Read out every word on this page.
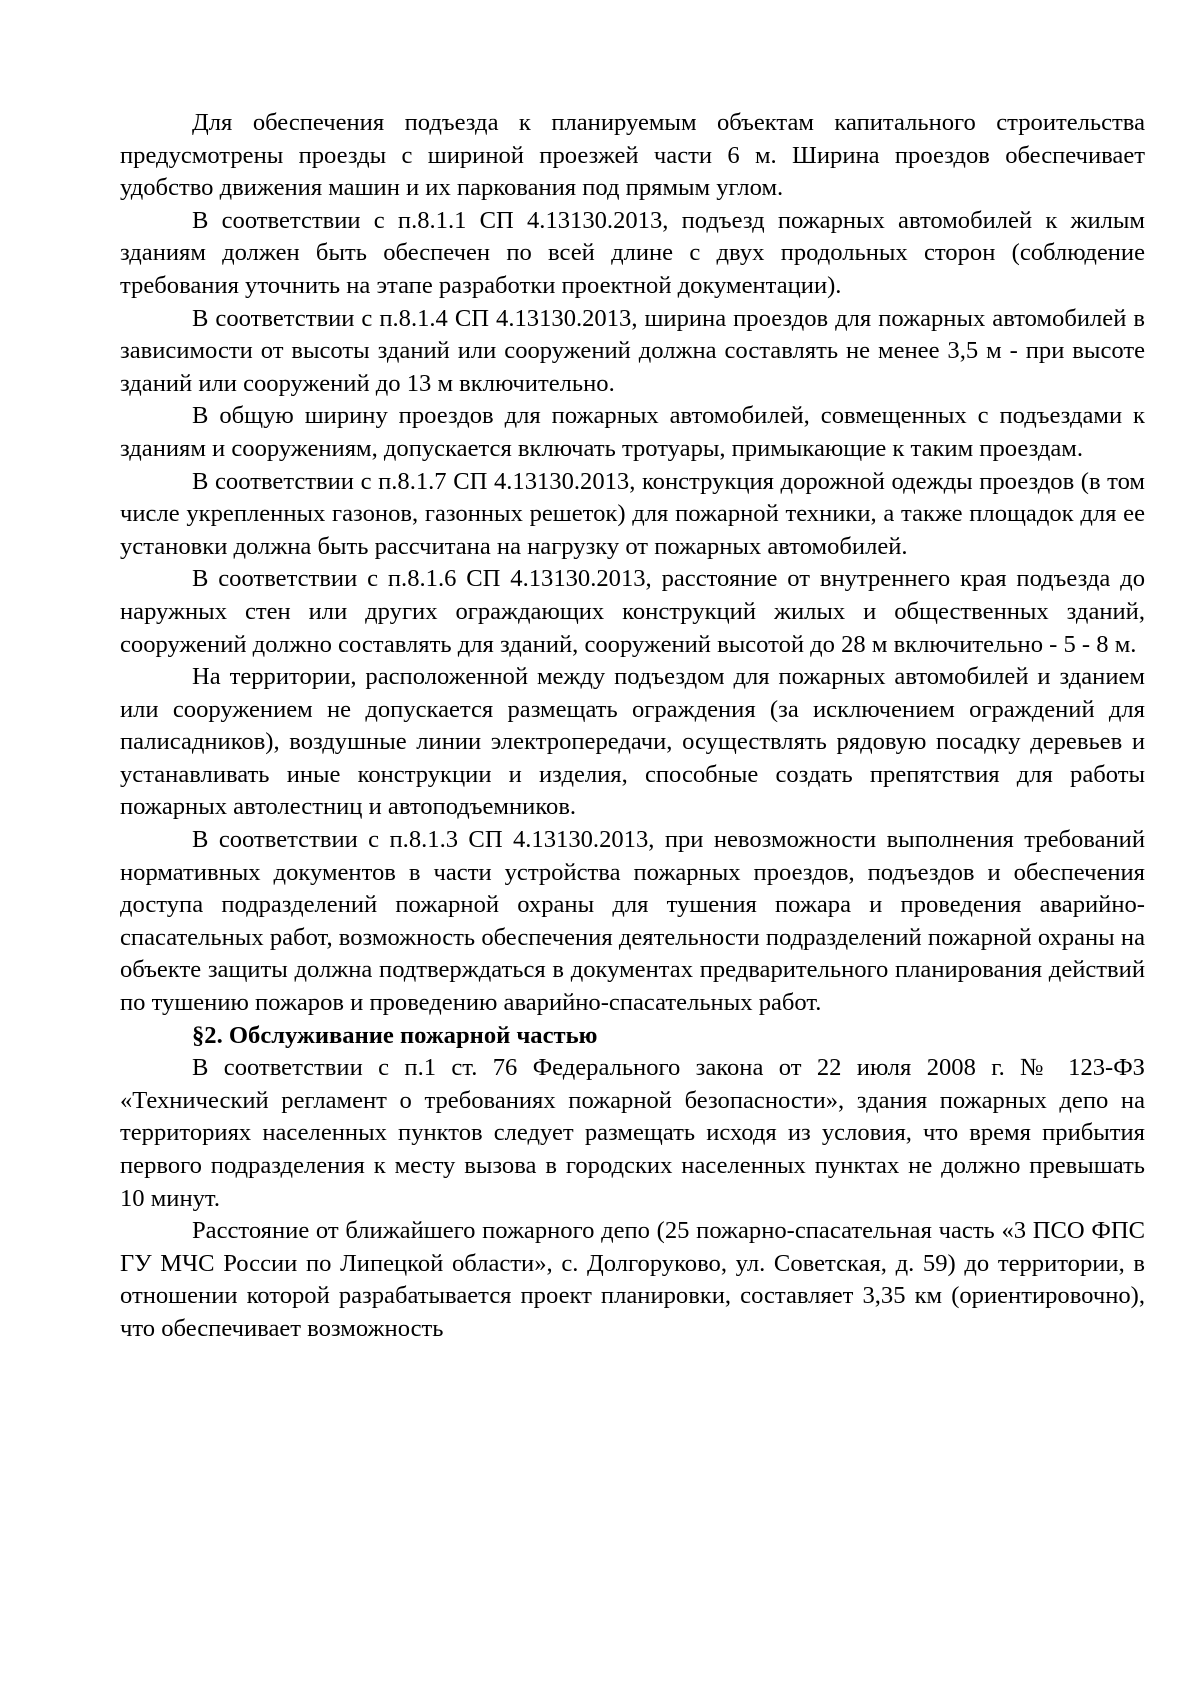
Для обеспечения подъезда к планируемым объектам капитального строительства предусмотрены проезды с шириной проезжей части 6 м. Ширина проездов обеспечивает удобство движения машин и их паркования под прямым углом.

В соответствии с п.8.1.1 СП 4.13130.2013, подъезд пожарных автомобилей к жилым зданиям должен быть обеспечен по всей длине с двух продольных сторон (соблюдение требования уточнить на этапе разработки проектной документации).

В соответствии с п.8.1.4 СП 4.13130.2013, ширина проездов для пожарных автомобилей в зависимости от высоты зданий или сооружений должна составлять не менее 3,5 м - при высоте зданий или сооружений до 13 м включительно.

В общую ширину проездов для пожарных автомобилей, совмещенных с подъездами к зданиям и сооружениям, допускается включать тротуары, примыкающие к таким проездам.

В соответствии с п.8.1.7 СП 4.13130.2013, конструкция дорожной одежды проездов (в том числе укрепленных газонов, газонных решеток) для пожарной техники, а также площадок для ее установки должна быть рассчитана на нагрузку от пожарных автомобилей.

В соответствии с п.8.1.6 СП 4.13130.2013, расстояние от внутреннего края подъезда до наружных стен или других ограждающих конструкций жилых и общественных зданий, сооружений должно составлять для зданий, сооружений высотой до 28 м включительно - 5 - 8 м.

На территории, расположенной между подъездом для пожарных автомобилей и зданием или сооружением не допускается размещать ограждения (за исключением ограждений для палисадников), воздушные линии электропередачи, осуществлять рядовую посадку деревьев и устанавливать иные конструкции и изделия, способные создать препятствия для работы пожарных автолестниц и автоподъемников.

В соответствии с п.8.1.3 СП 4.13130.2013, при невозможности выполнения требований нормативных документов в части устройства пожарных проездов, подъездов и обеспечения доступа подразделений пожарной охраны для тушения пожара и проведения аварийно-спасательных работ, возможность обеспечения деятельности подразделений пожарной охраны на объекте защиты должна подтверждаться в документах предварительного планирования действий по тушению пожаров и проведению аварийно-спасательных работ.

§2. Обслуживание пожарной частью

В соответствии с п.1 ст. 76 Федерального закона от 22 июля 2008 г. № 123-ФЗ «Технический регламент о требованиях пожарной безопасности», здания пожарных депо на территориях населенных пунктов следует размещать исходя из условия, что время прибытия первого подразделения к месту вызова в городских населенных пунктах не должно превышать 10 минут.

Расстояние от ближайшего пожарного депо (25 пожарно-спасательная часть «3 ПСО ФПС ГУ МЧС России по Липецкой области», с. Долгоруково, ул. Советская, д. 59) до территории, в отношении которой разрабатывается проект планировки, составляет 3,35 км (ориентировочно), что обеспечивает возможность
